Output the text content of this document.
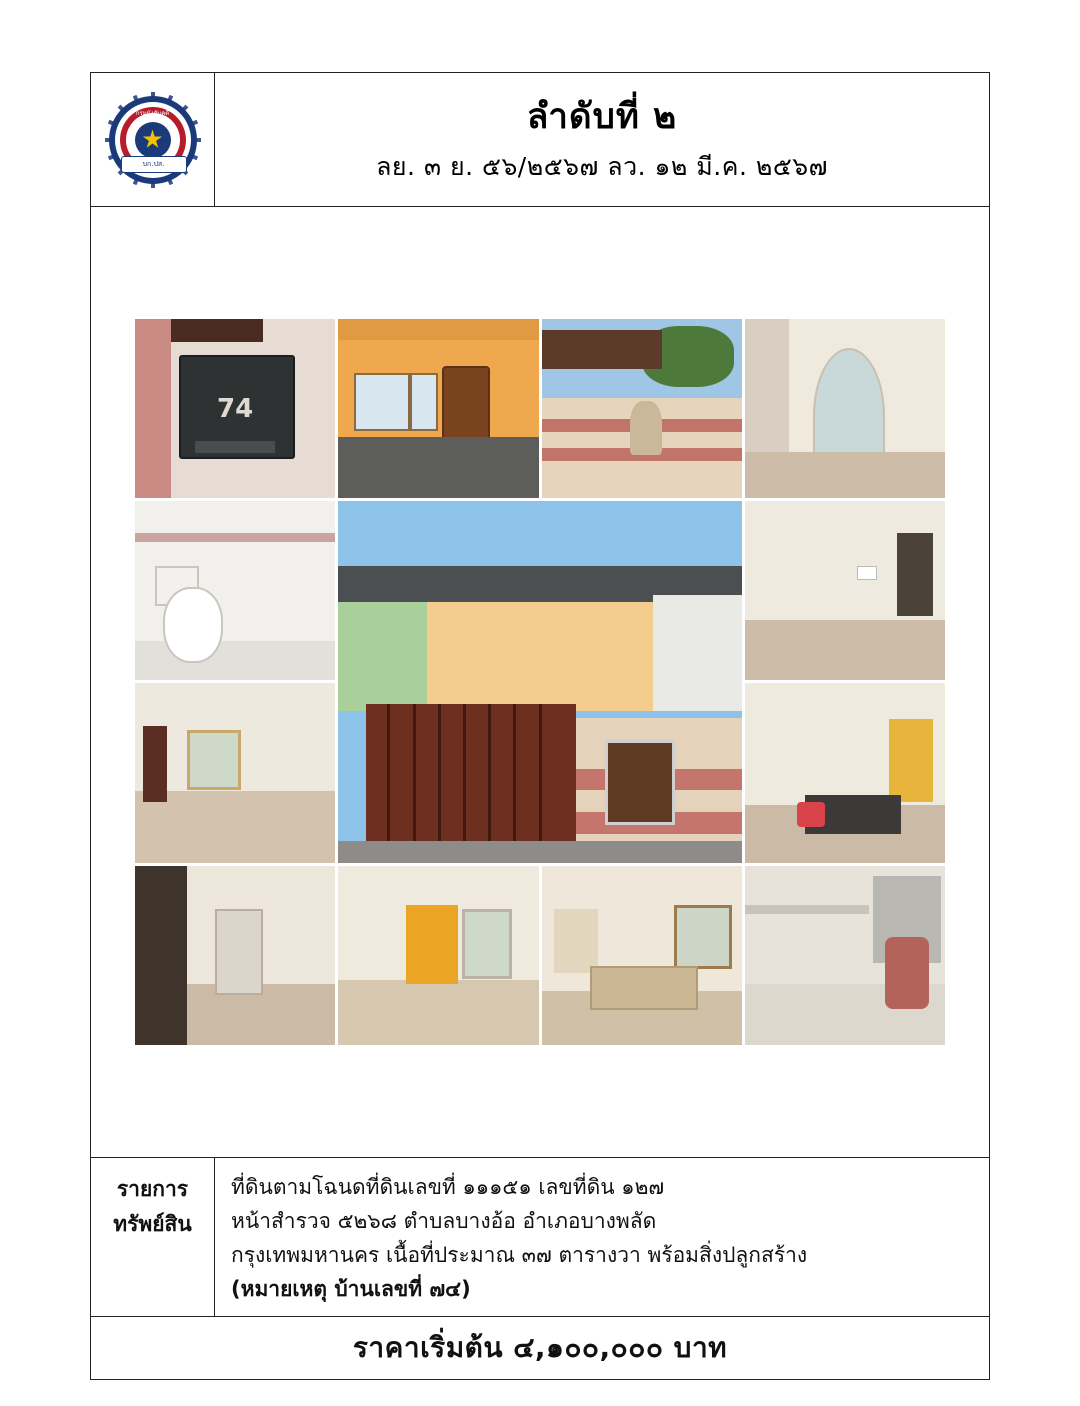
กรมบังคับคดี
บก.ปส.
ลำดับที่ ๒
ลย. ๓ ย. ๕๖/๒๕๖๗ ลว. ๑๒ มี.ค. ๒๕๖๗
74
รายการ
ทรัพย์สิน
ที่ดินตามโฉนดที่ดินเลขที่ ๑๑๑๕๑ เลขที่ดิน ๑๒๗
หน้าสำรวจ ๕๒๖๘ ตำบลบางอ้อ อำเภอบางพลัด
กรุงเทพมหานคร เนื้อที่ประมาณ ๓๗ ตารางวา พร้อมสิ่งปลูกสร้าง
(หมายเหตุ บ้านเลขที่ ๗๔)
ราคาเริ่มต้น ๔,๑๐๐,๐๐๐ บาท
